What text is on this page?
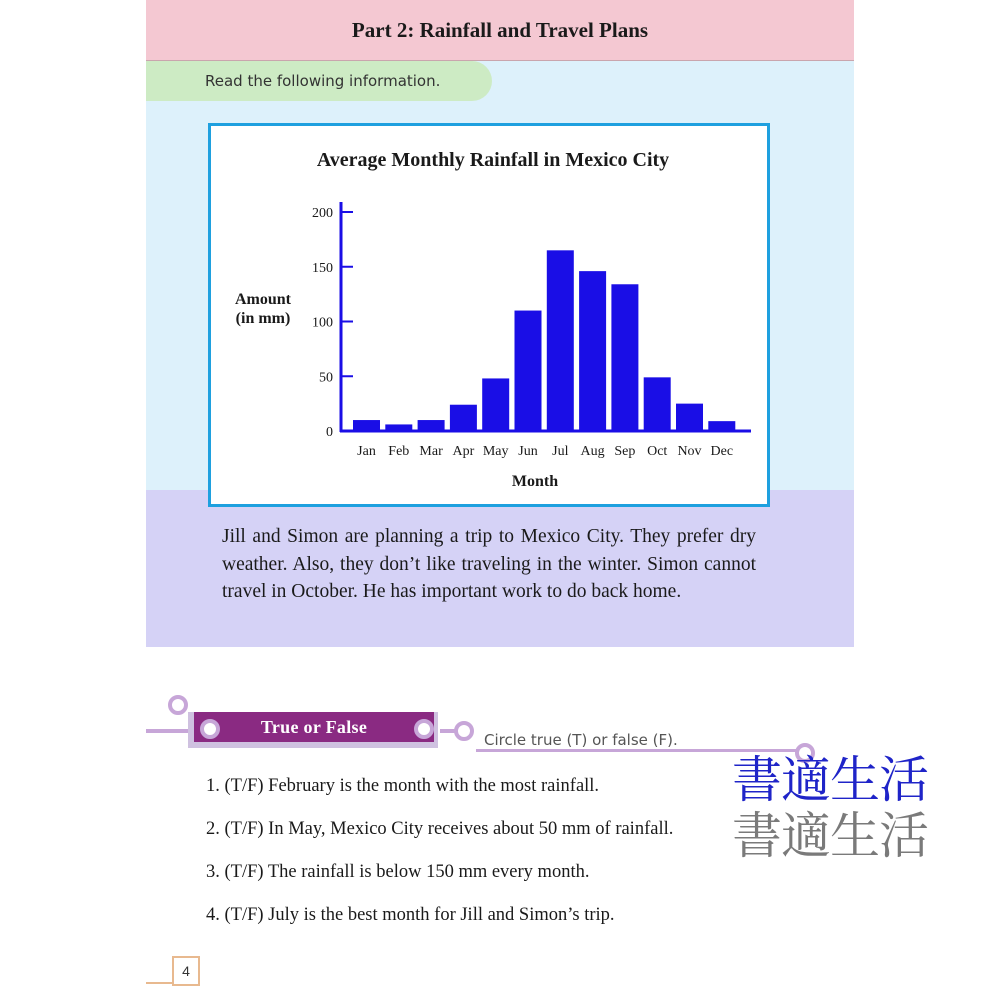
Part 2: Rainfall and Travel Plans
Read the following information.
Average Monthly Rainfall in Mexico City
Amount
(in mm)
Month
Jan Feb Mar Apr May Jun Jul Aug Sep Oct Nov Dec
0
50
100
150
200

Jill and Simon are planning a trip to Mexico City. They prefer dry weather. Also, they don’t like traveling in the winter. Simon cannot travel in October. He has important work to do back home.

True or False
Circle true (T) or false (F).
1. (T/F) February is the month with the most rainfall.
2. (T/F) In May, Mexico City receives about 50 mm of rainfall.
3. (T/F) The rainfall is below 150 mm every month.
4. (T/F) July is the best month for Jill and Simon’s trip.
書適生活
書適生活
4
